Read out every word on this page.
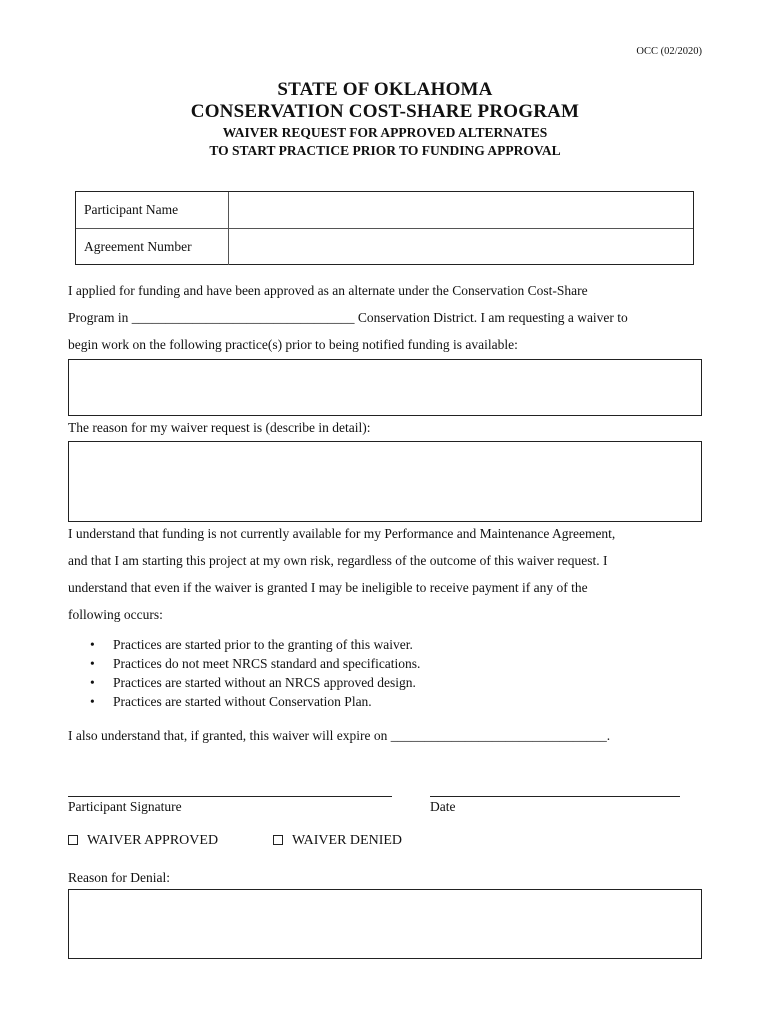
OCC (02/2020)
STATE OF OKLAHOMA
CONSERVATION COST-SHARE PROGRAM
WAIVER REQUEST FOR APPROVED ALTERNATES
TO START PRACTICE PRIOR TO FUNDING APPROVAL
Participant Name
Agreement Number
I applied for funding and have been approved as an alternate under the Conservation Cost-Share
Program in _________________________________ Conservation District. I am requesting a waiver to
begin work on the following practice(s) prior to being notified funding is available:
The reason for my waiver request is (describe in detail):
I understand that funding is not currently available for my Performance and Maintenance Agreement,
and that I am starting this project at my own risk, regardless of the outcome of this waiver request. I
understand that even if the waiver is granted I may be ineligible to receive payment if any of the
following occurs:
• Practices are started prior to the granting of this waiver.
• Practices do not meet NRCS standard and specifications.
• Practices are started without an NRCS approved design.
• Practices are started without Conservation Plan.
I also understand that, if granted, this waiver will expire on ________________________________.
Participant Signature	Date
WAIVER APPROVED	WAIVER DENIED
Reason for Denial:
